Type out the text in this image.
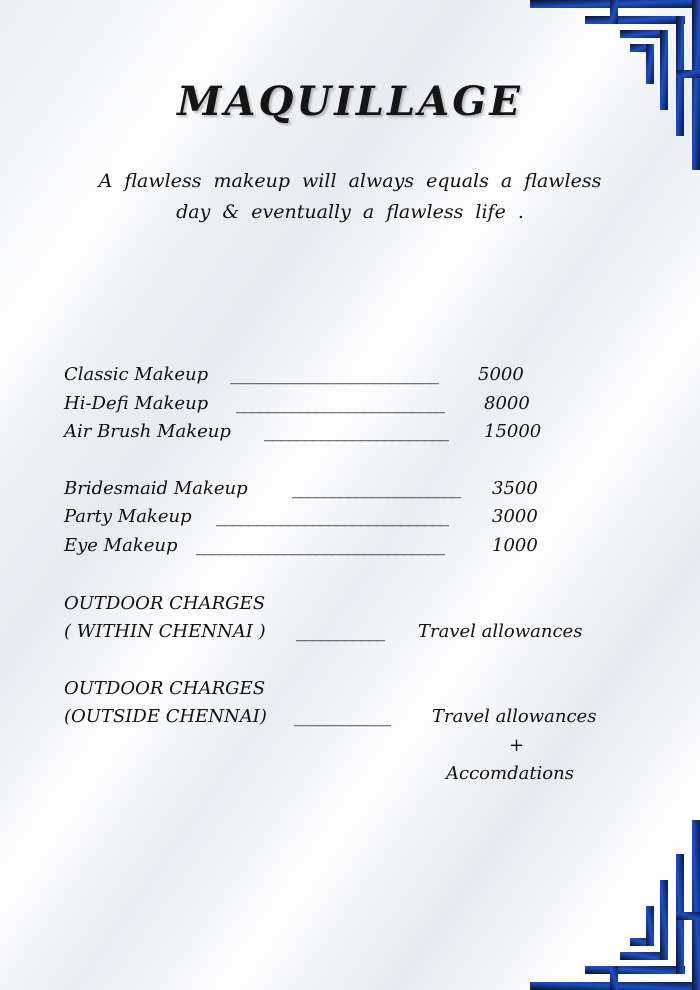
MAQUILLAGE
A flawless makeup will always equals a flawless
day & eventually a flawless life .
Classic Makeup __________________________ 5000
Hi-Defi Makeup __________________________ 8000
Air Brush Makeup _______________________ 15000
Bridesmaid Makeup _____________________ 3500
Party Makeup _____________________________ 3000
Eye Makeup _______________________________	1000
OUTDOOR CHARGES
( WITHIN CHENNAI ) ___________ Travel allowances
OUTDOOR CHARGES
(OUTSIDE CHENNAI) ____________ Travel allowances
+
Accomdations
